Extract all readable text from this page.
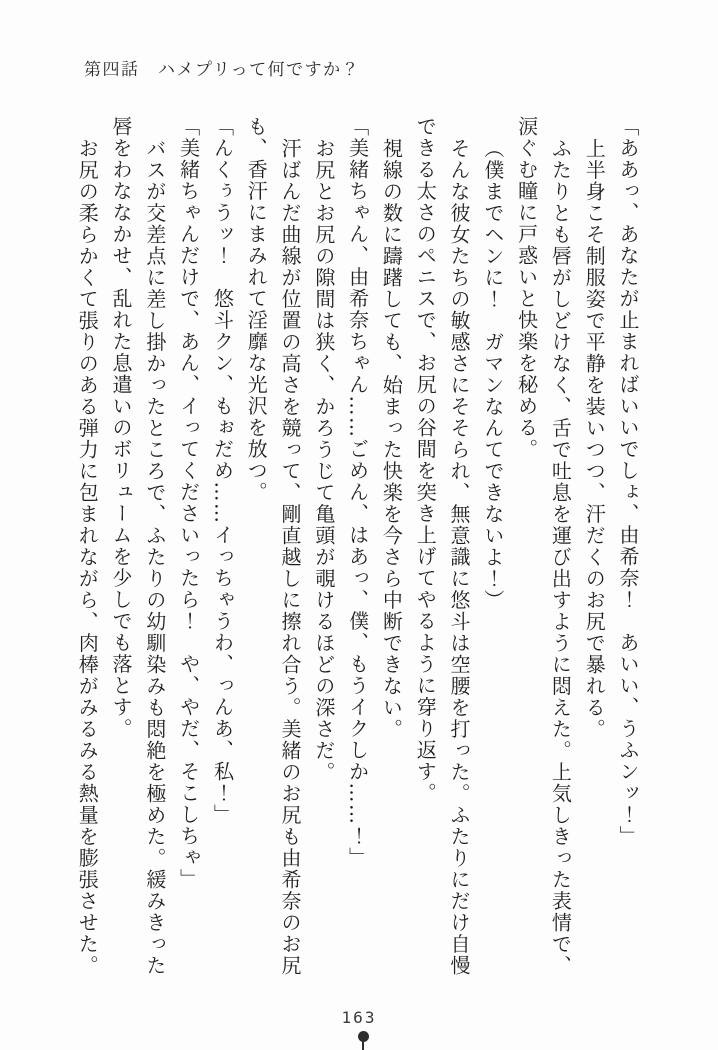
第四話　ハメプリって何ですか？
「ああっ、あなたが止まればいいでしょ、由希奈！　あいい、うふンッ！」
上半身こそ制服姿で平静を装いつつ、汗だくのお尻で暴れる。
ふたりとも唇がしどけなく、舌で吐息を運び出すように悶えた。上気しきった表情で、
涙ぐむ瞳に戸惑いと快楽を秘める。
（僕までヘンに！　ガマンなんてできないよ！）
そんな彼女たちの敏感さにそそられ、無意識に悠斗は空腰を打った。ふたりにだけ自慢
できる太さのペニスで、お尻の谷間を突き上げてやるように穿り返す。
視線の数に躊躇しても、始まった快楽を今さら中断できない。
「美緒ちゃん、由希奈ちゃん……ごめん、はあっ、僕、もうイクしか……！」
お尻とお尻の隙間は狭く、かろうじて亀頭が覗けるほどの深さだ。
汗ばんだ曲線が位置の高さを競って、剛直越しに擦れ合う。美緒のお尻も由希奈のお尻
も、香汗にまみれて淫靡な光沢を放つ。
「んくぅうッ！　悠斗クン、もぉだめ……イっちゃうわ、っんあ、私！」
「美緒ちゃんだけで、あん、イってくださいったら！　や、やだ、そこしちゃ」
バスが交差点に差し掛かったところで、ふたりの幼馴染みも悶絶を極めた。緩みきった
唇をわななかせ、乱れた息遣いのボリュームを少しでも落とす。
お尻の柔らかくて張りのある弾力に包まれながら、肉棒がみるみる熱量を膨張させた。
163
